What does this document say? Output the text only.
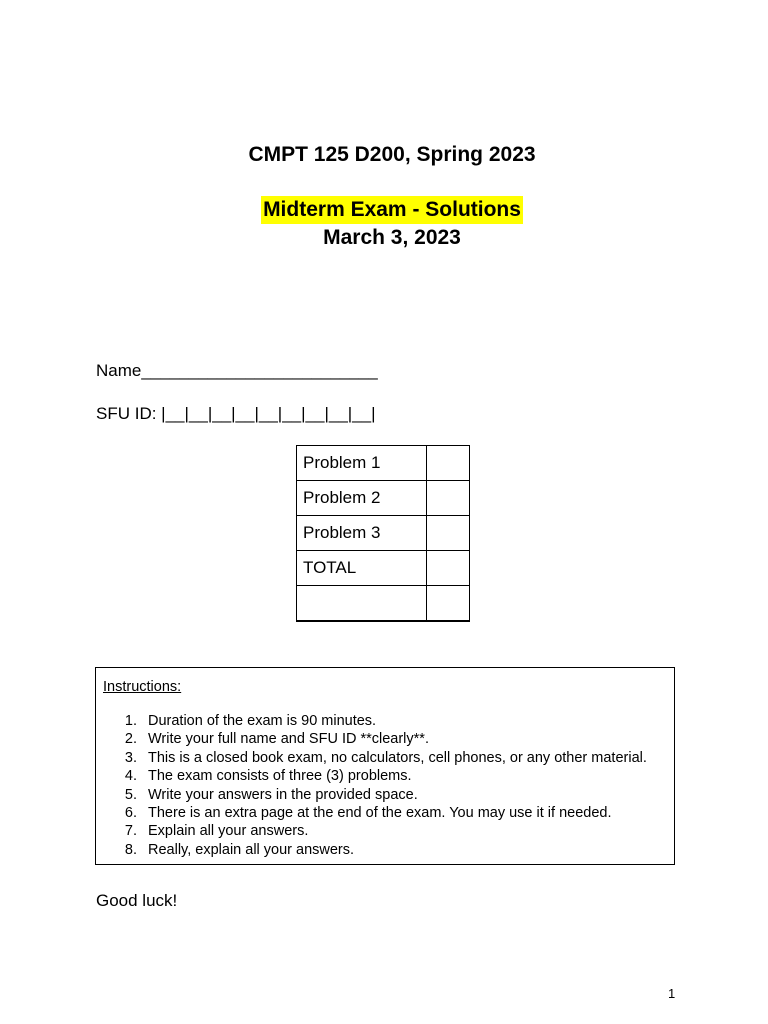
CMPT 125 D200, Spring 2023
Midterm Exam - Solutions
March 3, 2023
Name_________________________
SFU ID: |__|__|__|__|__|__|__|__|__|
Problem 1	
Problem 2	
Problem 3	
TOTAL	

Instructions:
1. Duration of the exam is 90 minutes.
2. Write your full name and SFU ID **clearly**.
3. This is a closed book exam, no calculators, cell phones, or any other material.
4. The exam consists of three (3) problems.
5. Write your answers in the provided space.
6. There is an extra page at the end of the exam. You may use it if needed.
7. Explain all your answers.
8. Really, explain all your answers.
Good luck!
1
